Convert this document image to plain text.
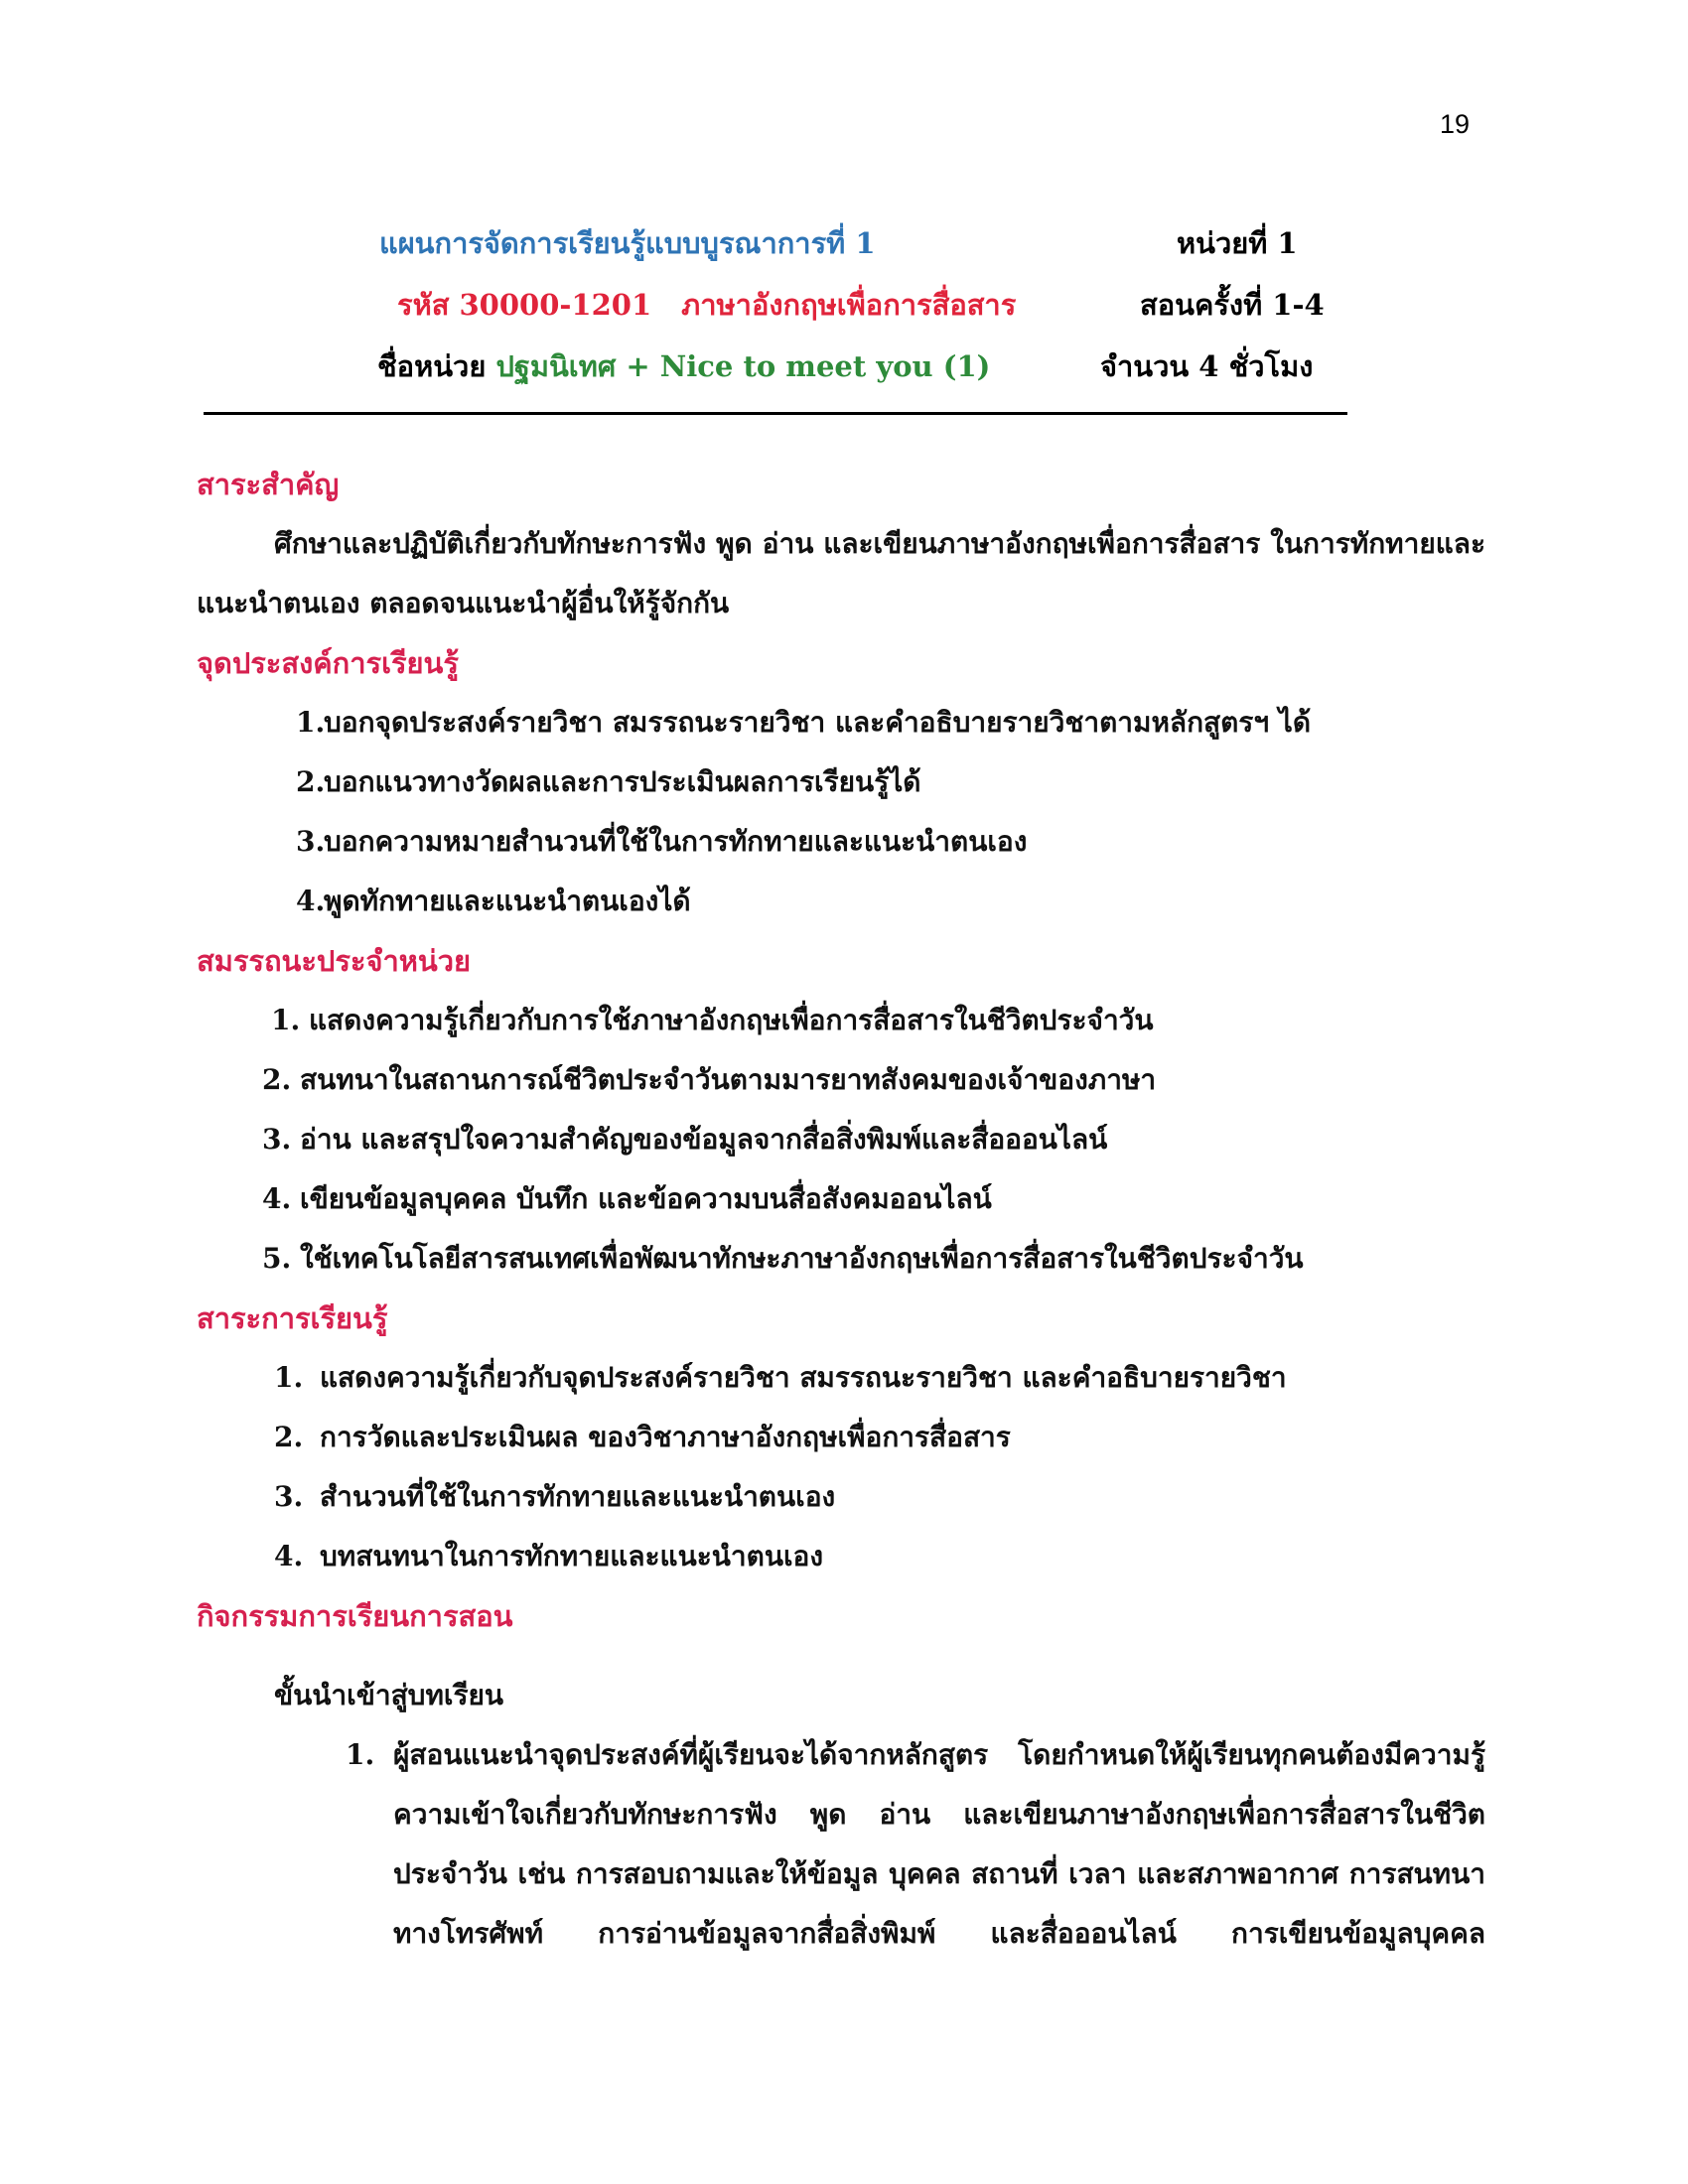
19
แผนการจัดการเรียนรู้แบบบูรณาการที่ 1	หน่วยที่ 1
รหัส 30000-1201 ภาษาอังกฤษเพื่อการสื่อสาร	สอนครั้งที่ 1-4
ชื่อหน่วย ปฐมนิเทศ + Nice to meet you (1)	จำนวน 4 ชั่วโมง
สาระสำคัญ

ศึกษาและปฏิบัติเกี่ยวกับทักษะการฟัง พูด อ่าน และเขียนภาษาอังกฤษเพื่อการสื่อสาร ในการทักทายและแนะนำตนเอง ตลอดจนแนะนำผู้อื่นให้รู้จักกัน

จุดประสงค์การเรียนรู้
1.บอกจุดประสงค์รายวิชา สมรรถนะรายวิชา และคำอธิบายรายวิชาตามหลักสูตรฯ ได้
2.บอกแนวทางวัดผลและการประเมินผลการเรียนรู้ได้
3.บอกความหมายสำนวนที่ใช้ในการทักทายและแนะนำตนเอง
4.พูดทักทายและแนะนำตนเองได้
สมรรถนะประจำหน่วย
1. แสดงความรู้เกี่ยวกับการใช้ภาษาอังกฤษเพื่อการสื่อสารในชีวิตประจำวัน
2. สนทนาในสถานการณ์ชีวิตประจำวันตามมารยาทสังคมของเจ้าของภาษา
3. อ่าน และสรุปใจความสำคัญของข้อมูลจากสื่อสิ่งพิมพ์และสื่อออนไลน์
4. เขียนข้อมูลบุคคล บันทึก และข้อความบนสื่อสังคมออนไลน์
5. ใช้เทคโนโลยีสารสนเทศเพื่อพัฒนาทักษะภาษาอังกฤษเพื่อการสื่อสารในชีวิตประจำวัน
สาระการเรียนรู้
1. แสดงความรู้เกี่ยวกับจุดประสงค์รายวิชา สมรรถนะรายวิชา และคำอธิบายรายวิชา
2. การวัดและประเมินผล ของวิชาภาษาอังกฤษเพื่อการสื่อสาร
3. สำนวนที่ใช้ในการทักทายและแนะนำตนเอง
4. บทสนทนาในการทักทายและแนะนำตนเอง
กิจกรรมการเรียนการสอน
ขั้นนำเข้าสู่บทเรียน
1. ผู้สอนแนะนำจุดประสงค์ที่ผู้เรียนจะได้จากหลักสูตร โดยกำหนดให้ผู้เรียนทุกคนต้องมีความรู้ความเข้าใจเกี่ยวกับทักษะการฟัง พูด อ่าน และเขียนภาษาอังกฤษเพื่อการสื่อสารในชีวิตประจำวัน เช่น การสอบถามและให้ข้อมูล บุคคล สถานที่ เวลา และสภาพอากาศ การสนทนาทางโทรศัพท์ การอ่านข้อมูลจากสื่อสิ่งพิมพ์ และสื่อออนไลน์ การเขียนข้อมูลบุคคล
